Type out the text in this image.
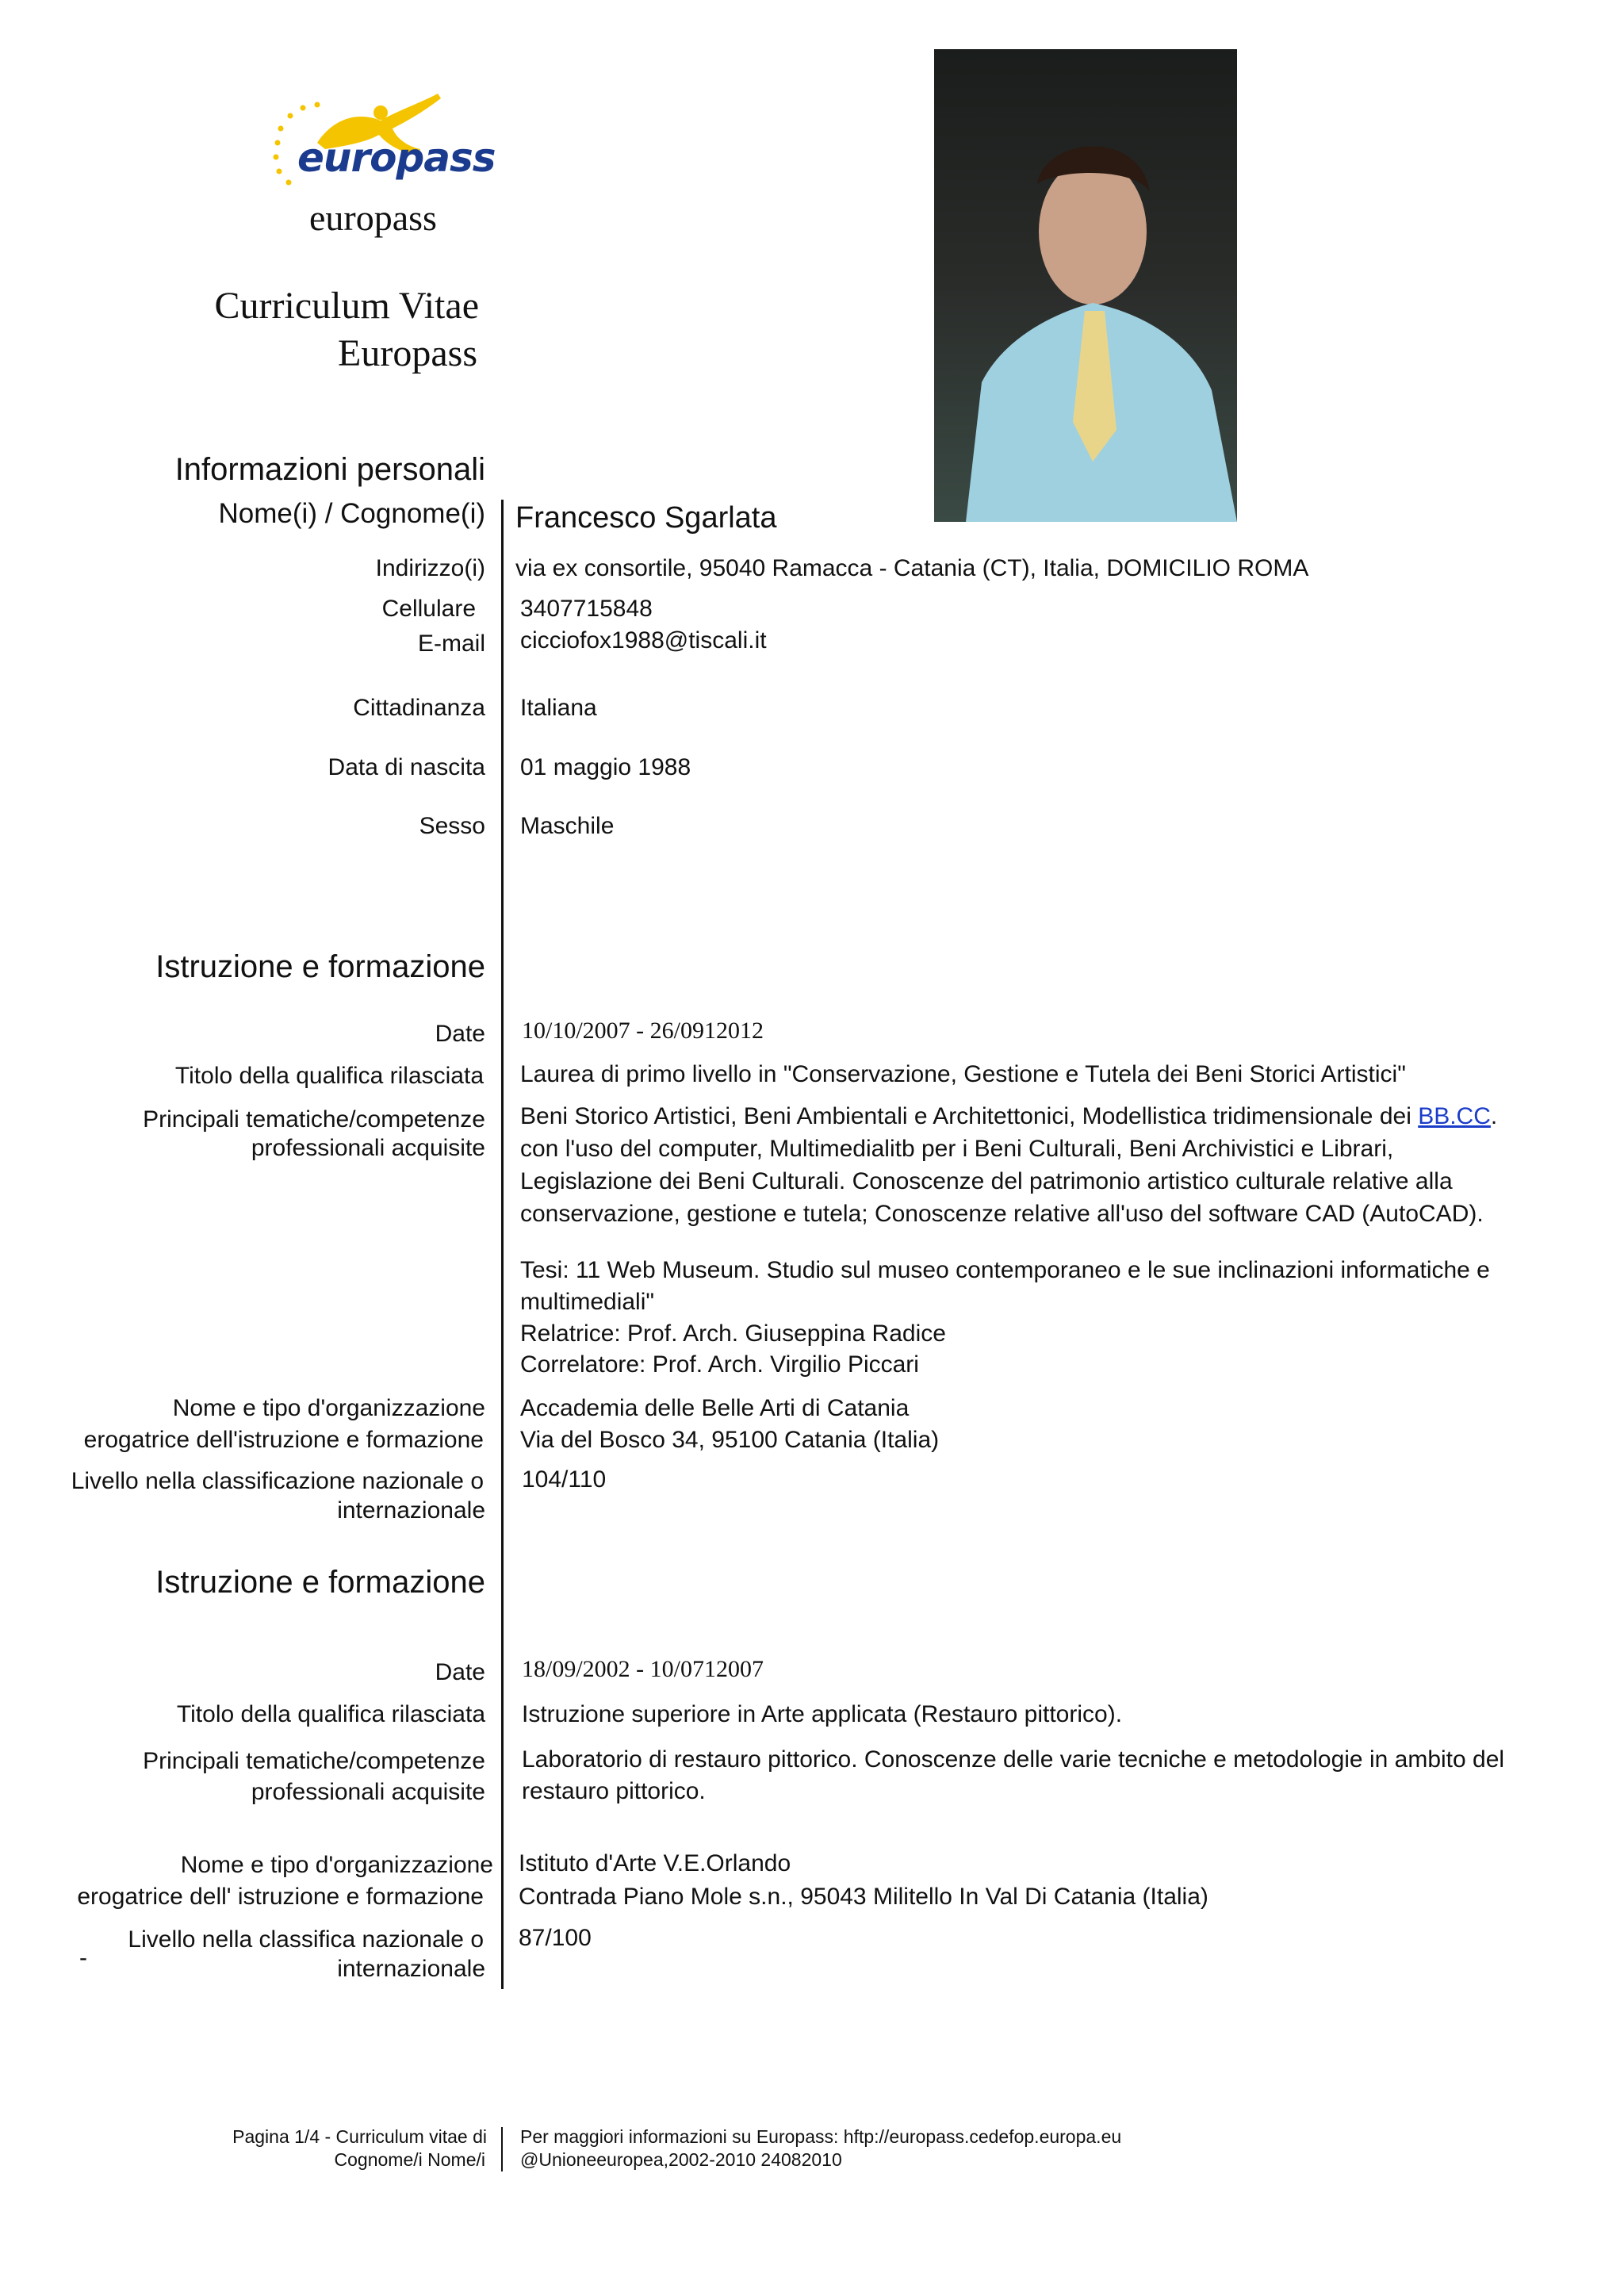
europass
europass
Curriculum Vitae
Europass
Informazioni personali
Nome(i) / Cognome(i) Francesco Sgarlata
Indirizzo(i) via ex consortile, 95040 Ramacca - Catania (CT), Italia, DOMICILIO ROMA
Cellulare 3407715848
E-mail cicciofox1988@tiscali.it
Cittadinanza Italiana
Data di nascita 01 maggio 1988
Sesso Maschile
Istruzione e formazione
Date 10/10/2007 - 26/0912012
Titolo della qualifica rilasciata Laurea di primo livello in "Conservazione, Gestione e Tutela dei Beni Storici Artistici"
Principali tematiche/competenze
professionali acquisite
Beni Storico Artistici, Beni Ambientali e Architettonici, Modellistica tridimensionale dei BB.CC. con l'uso del computer, Multimedialitb per i Beni Culturali, Beni Archivistici e Librari, Legislazione dei Beni Culturali. Conoscenze del patrimonio artistico culturale relative alla conservazione, gestione e tutela; Conoscenze relative all'uso del software CAD (AutoCAD).
Tesi: 11 Web Museum. Studio sul museo contemporaneo e le sue inclinazioni informatiche e multimediali"
Relatrice: Prof. Arch. Giuseppina Radice
Correlatore: Prof. Arch. Virgilio Piccari
Nome e tipo d'organizzazione
erogatrice dell'istruzione e formazione
Accademia delle Belle Arti di Catania
Via del Bosco 34, 95100 Catania (Italia)
Livello nella classificazione nazionale o
internazionale
104/110
Istruzione e formazione
Date 18/09/2002 - 10/0712007
Titolo della qualifica rilasciata Istruzione superiore in Arte applicata (Restauro pittorico).
Principali tematiche/competenze
professionali acquisite
Laboratorio di restauro pittorico. Conoscenze delle varie tecniche e metodologie in ambito del restauro pittorico.
Nome e tipo d'organizzazione
erogatrice dell' istruzione e formazione
Istituto d'Arte V.E.Orlando
Contrada Piano Mole s.n., 95043 Militello In Val Di Catania (Italia)
Livello nella classifica nazionale o
internazionale
87/100
-
Pagina 1/4 - Curriculum vitae di
Cognome/i Nome/i
Per maggiori informazioni su Europass: hftp://europass.cedefop.europa.eu
@Unioneeuropea,2002-2010 24082010
